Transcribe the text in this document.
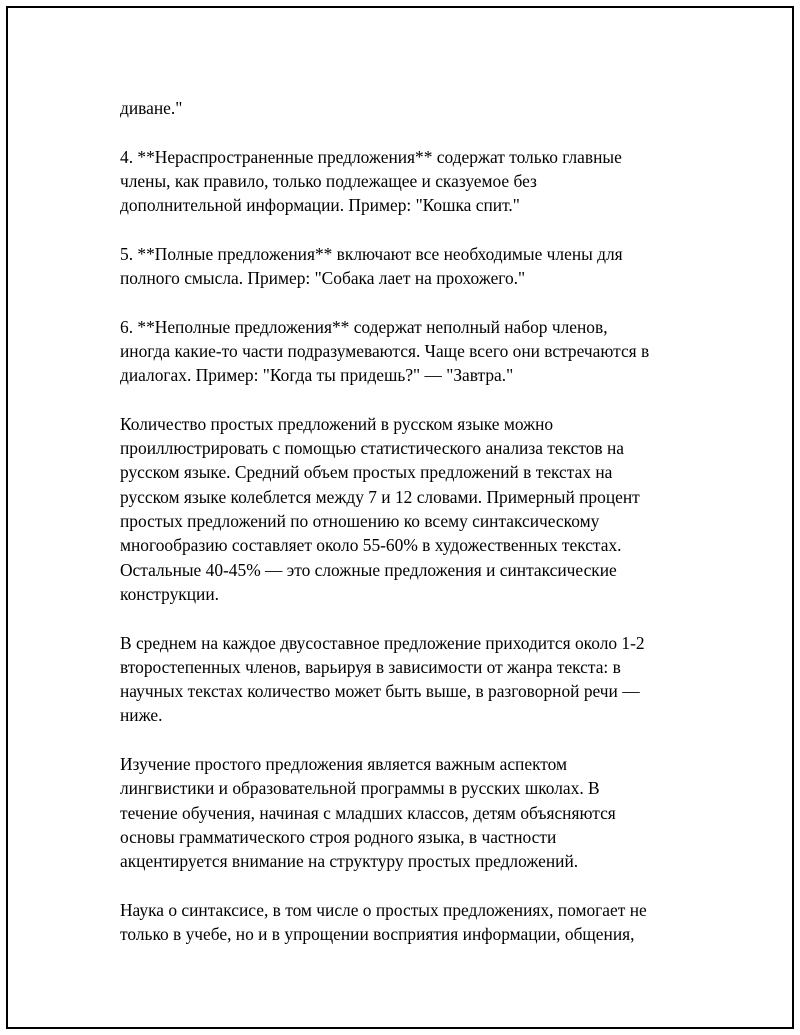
диване."

4. **Нераспространенные предложения** содержат только главные
члены, как правило, только подлежащее и сказуемое без
дополнительной информации. Пример: "Кошка спит."

5. **Полные предложения** включают все необходимые члены для
полного смысла. Пример: "Собака лает на прохожего."

6. **Неполные предложения** содержат неполный набор членов,
иногда какие-то части подразумеваются. Чаще всего они встречаются в
диалогах. Пример: "Когда ты придешь?" — "Завтра."

Количество простых предложений в русском языке можно
проиллюстрировать с помощью статистического анализа текстов на
русском языке. Средний объем простых предложений в текстах на
русском языке колеблется между 7 и 12 словами. Примерный процент
простых предложений по отношению ко всему синтаксическому
многообразию составляет около 55-60% в художественных текстах.
Остальные 40-45% — это сложные предложения и синтаксические
конструкции.

В среднем на каждое двусоставное предложение приходится около 1-2
второстепенных членов, варьируя в зависимости от жанра текста: в
научных текстах количество может быть выше, в разговорной речи —
ниже.

Изучение простого предложения является важным аспектом
лингвистики и образовательной программы в русских школах. В
течение обучения, начиная с младших классов, детям объясняются
основы грамматического строя родного языка, в частности
акцентируется внимание на структуру простых предложений.

Наука о синтаксисе, в том числе о простых предложениях, помогает не
только в учебе, но и в упрощении восприятия информации, общения,
